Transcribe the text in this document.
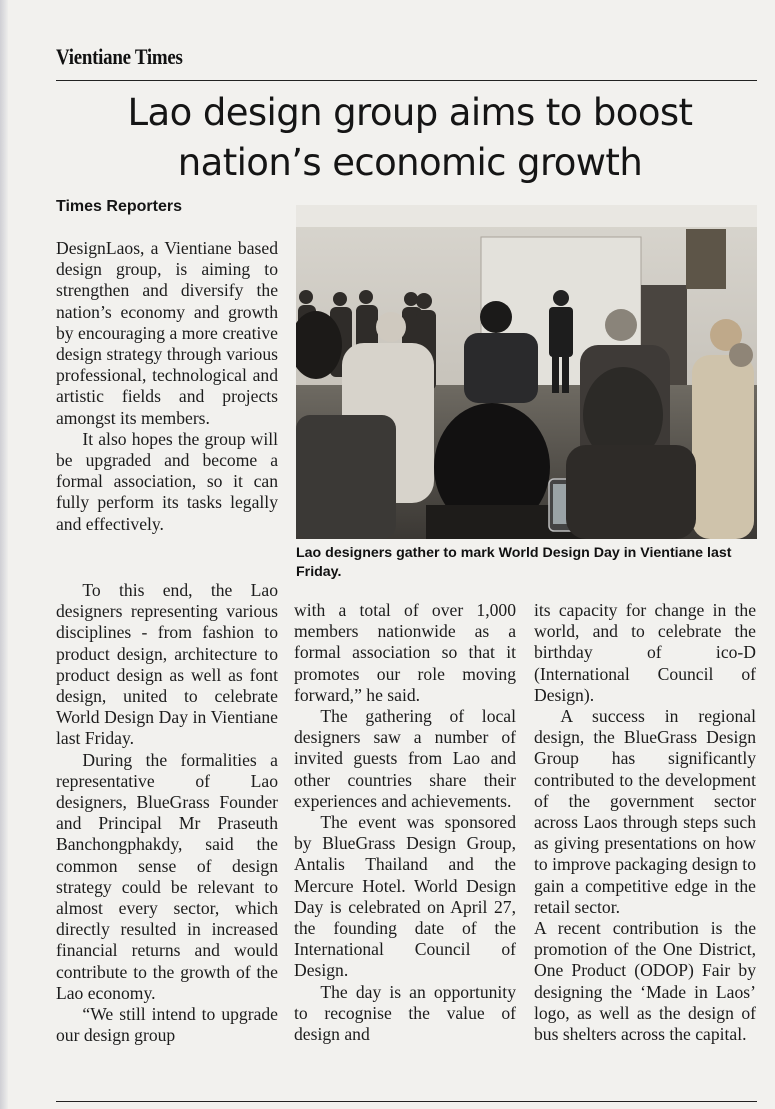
Vientiane Times
Lao design group aims to boost
nation’s economic growth
Times Reporters
Lao designers gather to mark World Design Day in Vientiane last Friday.

DesignLaos, a Vientiane based design group, is aiming to strengthen and diversify the nation’s economy and growth by encouraging a more creative design strategy through various professional, technological and artistic fields and projects amongst its members.

It also hopes the group will be upgraded and become a formal association, so it can fully perform its tasks legally and effectively.

To this end, the Lao designers representing various disciplines - from fashion to product design, architecture to product design as well as font design, united to celebrate World Design Day in Vientiane last Friday.

During the formalities a representative of Lao designers, BlueGrass Founder and Principal Mr Praseuth Banchongphakdy, said the common sense of design strategy could be relevant to almost every sector, which directly resulted in increased financial returns and would contribute to the growth of the Lao economy.

“We still intend to upgrade our design group

with a total of over 1,000 members nationwide as a formal association so that it promotes our role moving forward,” he said.

The gathering of local designers saw a number of invited guests from Lao and other countries share their experiences and achievements.

The event was sponsored by BlueGrass Design Group, Antalis Thailand and the Mercure Hotel. World Design Day is celebrated on April 27, the founding date of the International Council of Design.

The day is an opportunity to recognise the value of design and

its capacity for change in the world, and to celebrate the birthday of ico-D (International Council of Design).

A success in regional design, the BlueGrass Design Group has significantly contributed to the development of the government sector across Laos through steps such as giving presentations on how to improve packaging design to gain a competitive edge in the retail sector.

A recent contribution is the promotion of the One District, One Product (ODOP) Fair by designing the ‘Made in Laos’ logo, as well as the design of bus shelters across the capital.
